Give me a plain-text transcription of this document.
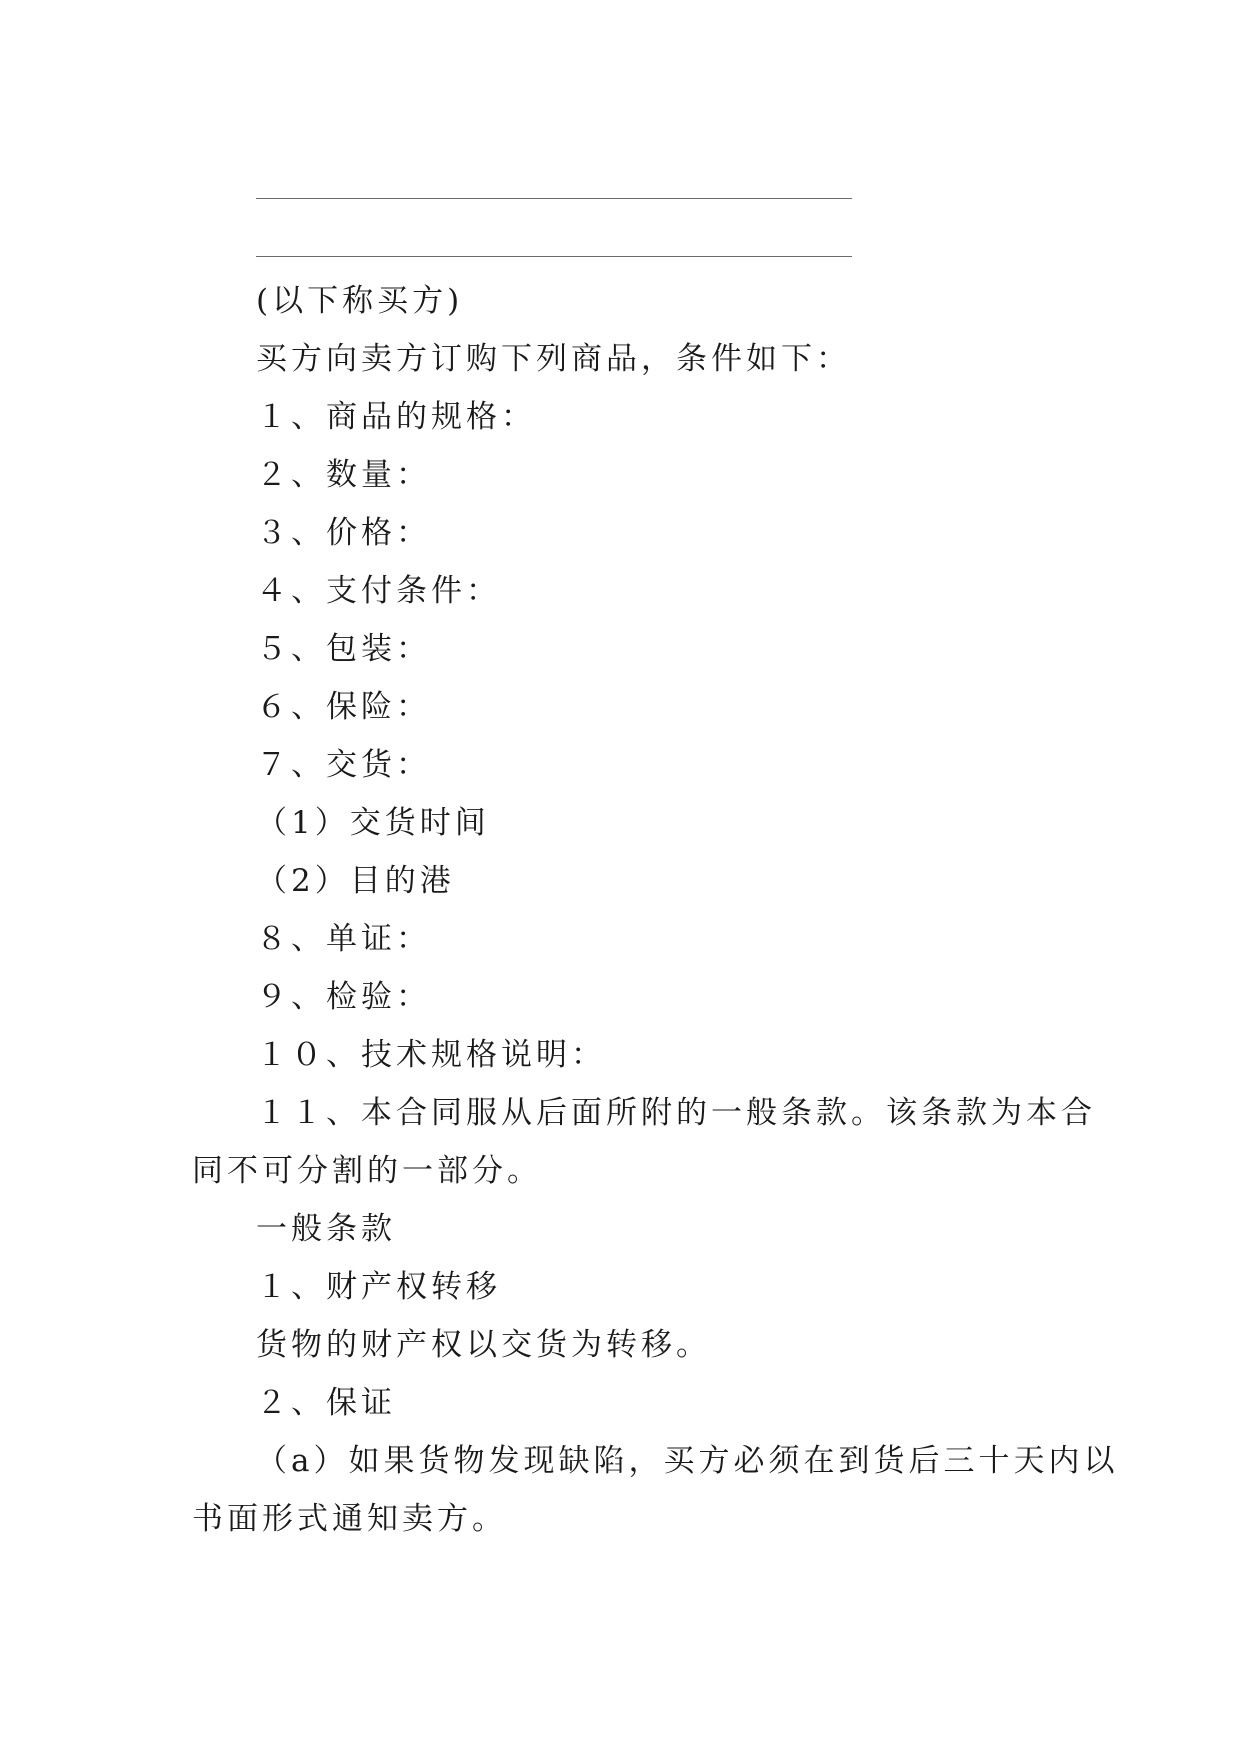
(以下称买方)
买方向卖方订购下列商品，条件如下：
１、商品的规格：
２、数量：
３、价格：
４、支付条件：
５、包装：
６、保险：
７、交货：
（1）交货时间
（2）目的港
８、单证：
９、检验：
１０、技术规格说明：
１１、本合同服从后面所附的一般条款。该条款为本合
同不可分割的一部分。
一般条款
１、财产权转移
货物的财产权以交货为转移。
２、保证
（a）如果货物发现缺陷，买方必须在到货后三十天内以
书面形式通知卖方。
